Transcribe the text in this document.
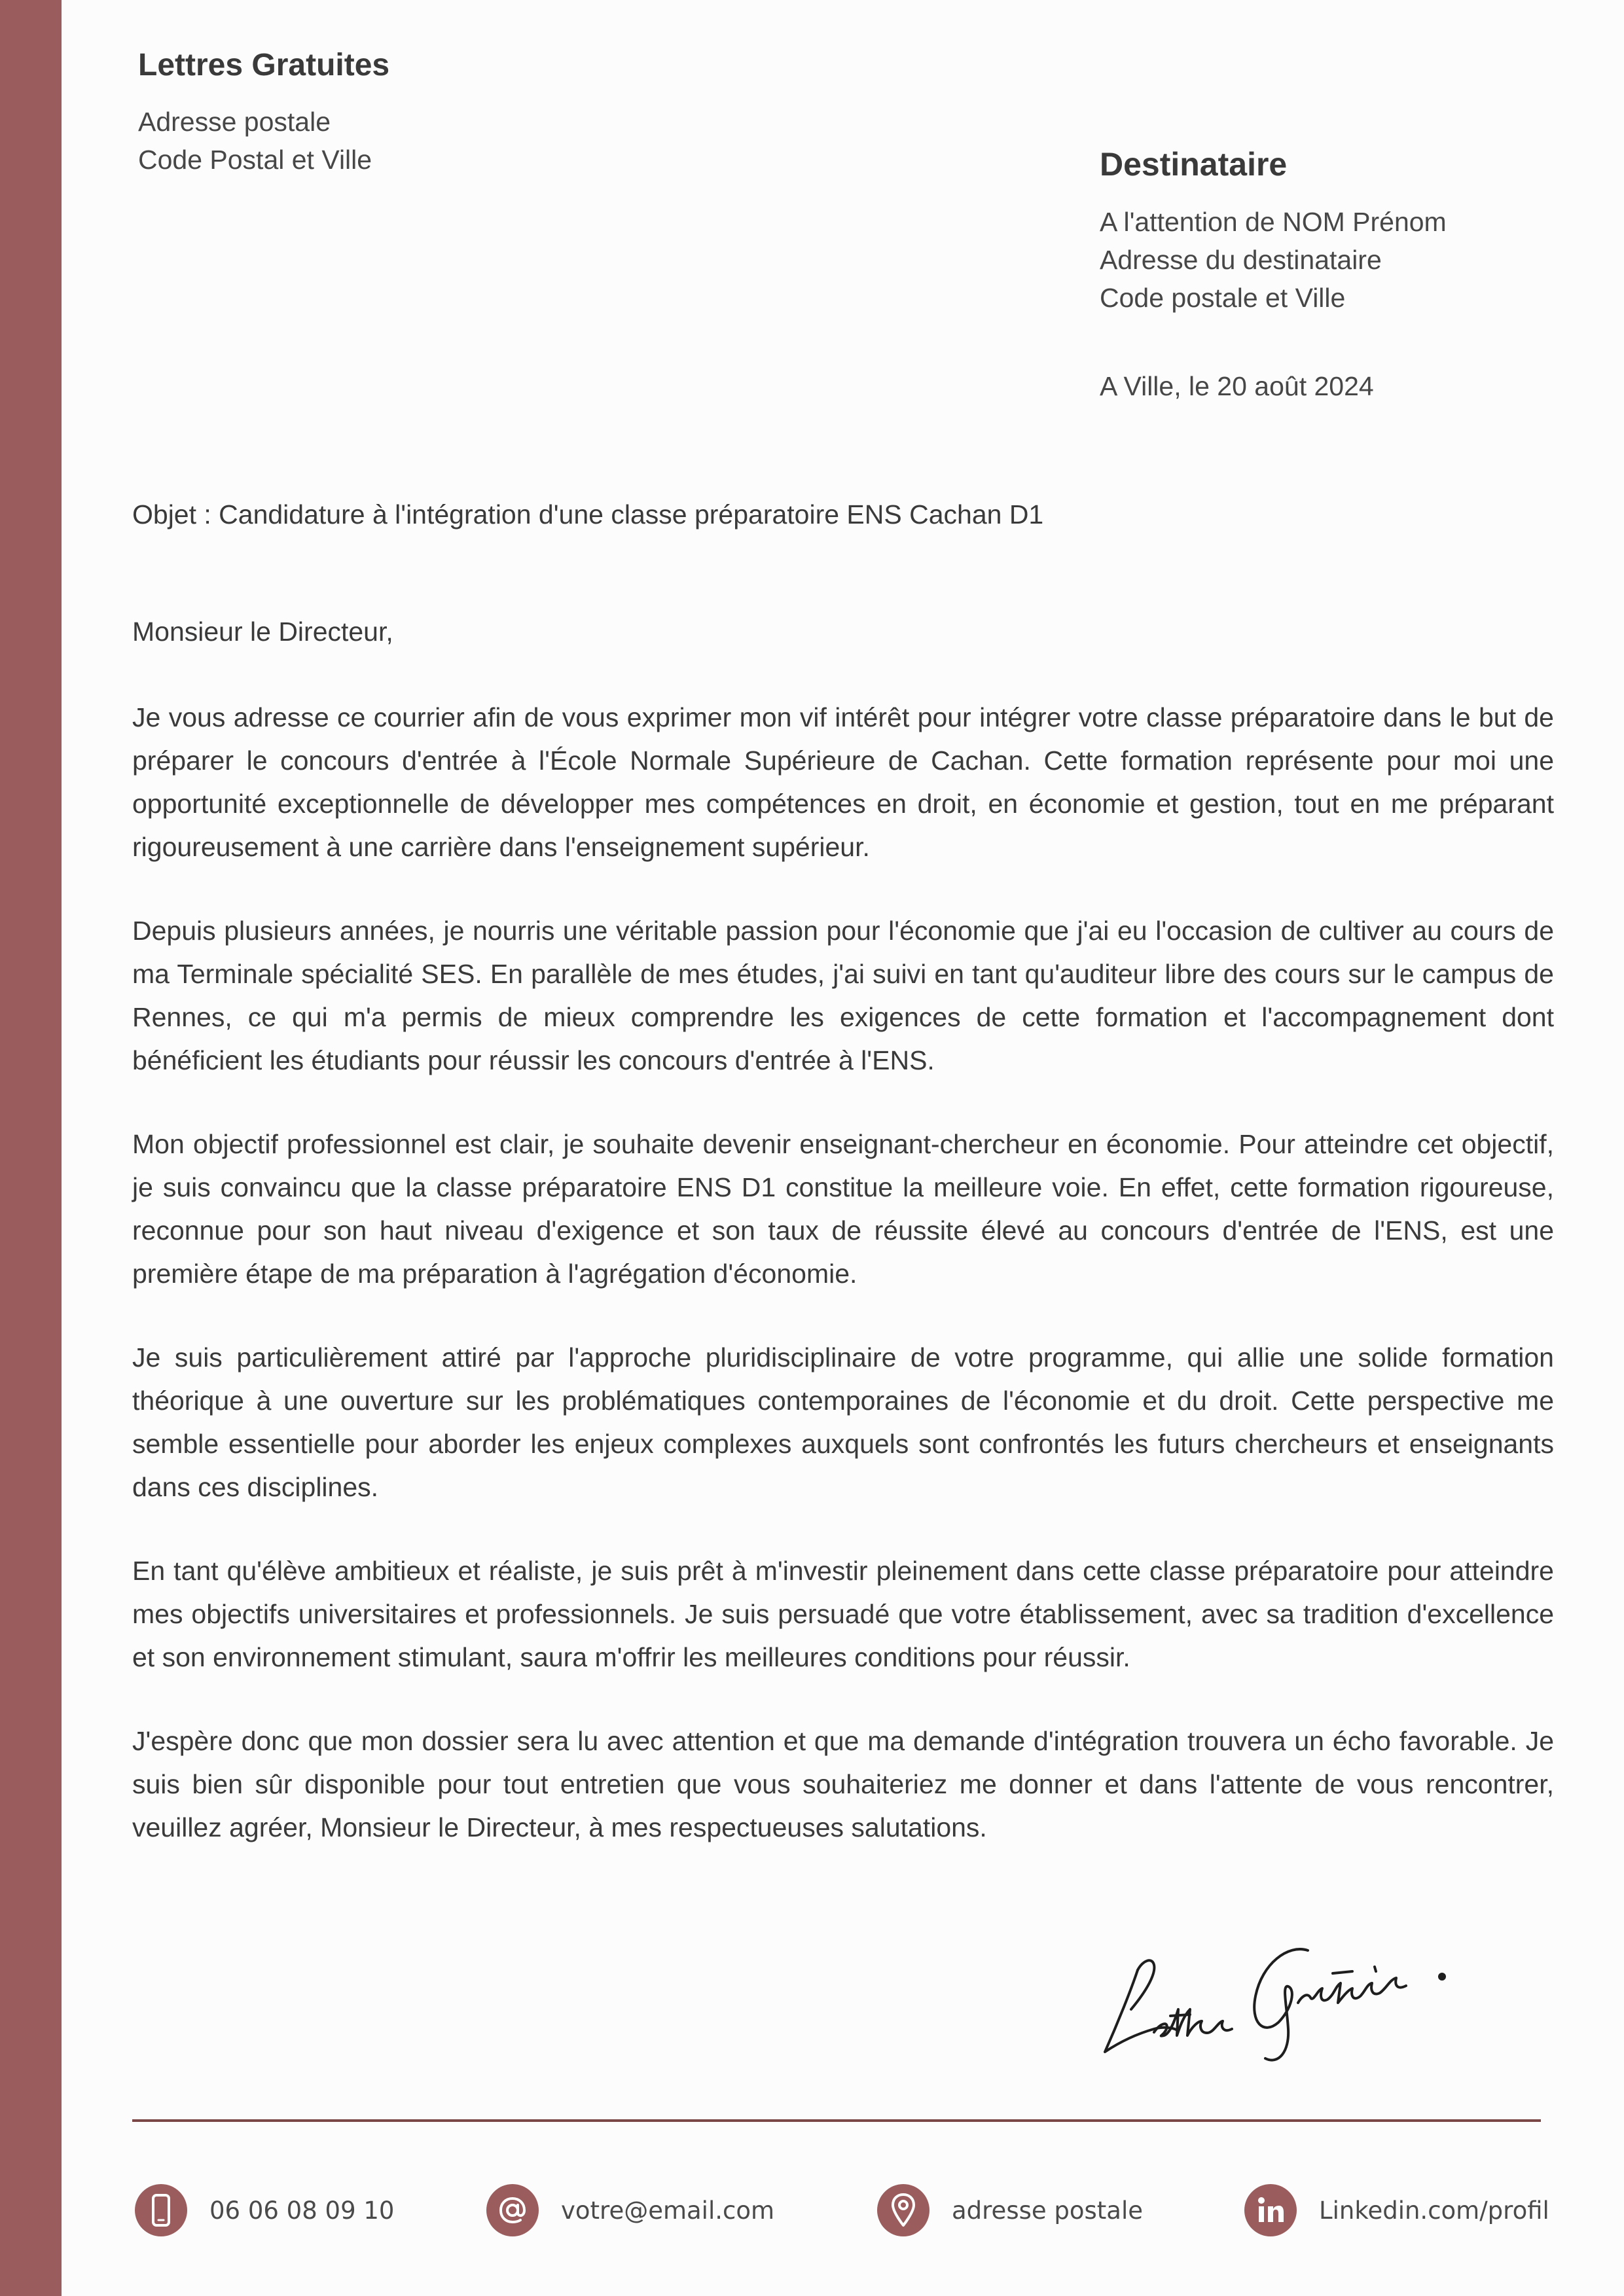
Lettres Gratuites
Adresse postale
Code Postal et Ville	Destinataire
A l'attention de NOM Prénom
Adresse du destinataire
Code postale et Ville
A Ville, le 20 août 2024
Objet : Candidature à l'intégration d'une classe préparatoire ENS Cachan D1
Monsieur le Directeur,

Je vous adresse ce courrier afin de vous exprimer mon vif intérêt pour intégrer votre classe préparatoire dans le but de préparer le concours d'entrée à l'École Normale Supérieure de Cachan. Cette formation représente pour moi une opportunité exceptionnelle de développer mes compétences en droit, en économie et gestion, tout en me préparant rigoureusement à une carrière dans l'enseignement supérieur.

Depuis plusieurs années, je nourris une véritable passion pour l'économie que j'ai eu l'occasion de cultiver au cours de ma Terminale spécialité SES. En parallèle de mes études, j'ai suivi en tant qu'auditeur libre des cours sur le campus de Rennes, ce qui m'a permis de mieux comprendre les exigences de cette formation et l'accompagnement dont bénéficient les étudiants pour réussir les concours d'entrée à l'ENS.

Mon objectif professionnel est clair, je souhaite devenir enseignant-chercheur en économie. Pour atteindre cet objectif, je suis convaincu que la classe préparatoire ENS D1 constitue la meilleure voie. En effet, cette formation rigoureuse, reconnue pour son haut niveau d'exigence et son taux de réussite élevé au concours d'entrée de l'ENS, est une première étape de ma préparation à l'agrégation d'économie.

Je suis particulièrement attiré par l'approche pluridisciplinaire de votre programme, qui allie une solide formation théorique à une ouverture sur les problématiques contemporaines de l'économie et du droit. Cette perspective me semble essentielle pour aborder les enjeux complexes auxquels sont confrontés les futurs chercheurs et enseignants dans ces disciplines.

En tant qu'élève ambitieux et réaliste, je suis prêt à m'investir pleinement dans cette classe préparatoire pour atteindre mes objectifs universitaires et professionnels. Je suis persuadé que votre établissement, avec sa tradition d'excellence et son environnement stimulant, saura m'offrir les meilleures conditions pour réussir.

J'espère donc que mon dossier sera lu avec attention et que ma demande d'intégration trouvera un écho favorable. Je suis bien sûr disponible pour tout entretien que vous souhaiteriez me donner et dans l'attente de vous rencontrer, veuillez agréer, Monsieur le Directeur, à mes respectueuses salutations.

06 06 08 09 10	votre@email.com	adresse postale	Linkedin.com/profil
